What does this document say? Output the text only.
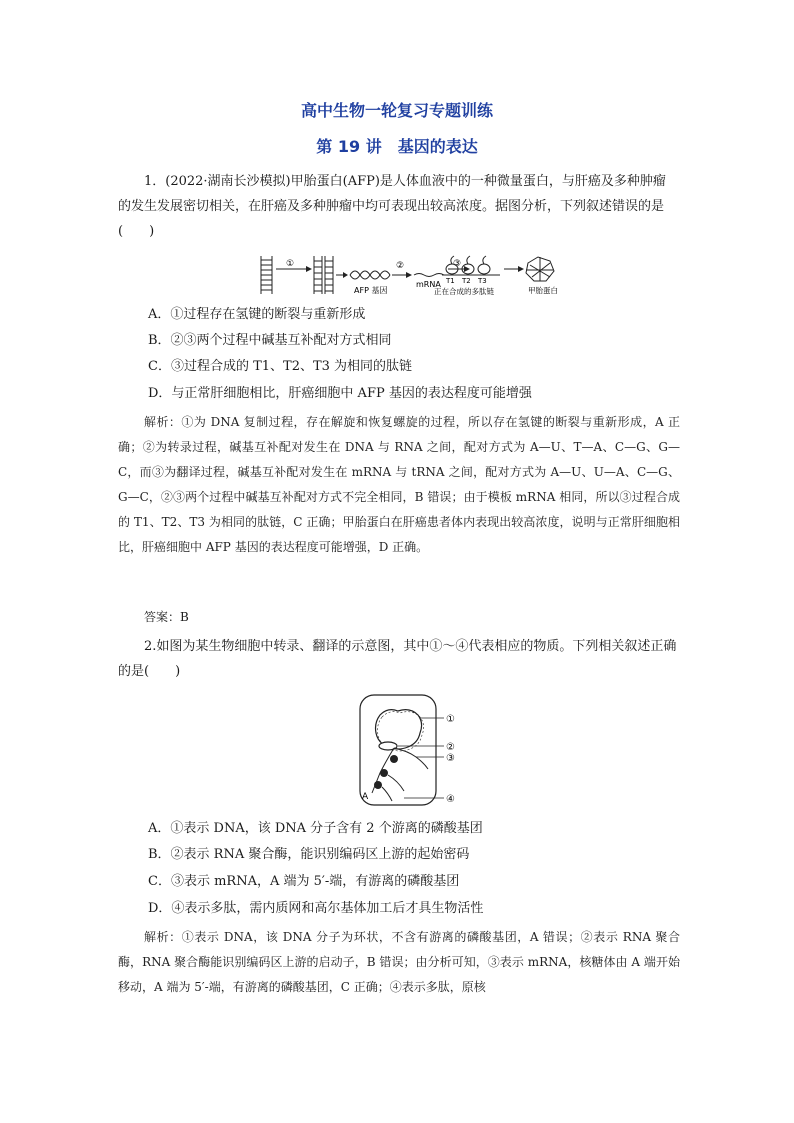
高中生物一轮复习专题训练
第 19 讲　基因的表达

1．(2022·湖南长沙模拟)甲胎蛋白(AFP)是人体血液中的一种微量蛋白，与肝癌及多种肿瘤的发生发展密切相关，在肝癌及多种肿瘤中均可表现出较高浓度。据图分析，下列叙述错误的是(　　)

①
AFP 基因
②
mRNA
③
T1 T2 T3
正在合成的多肽链	甲胎蛋白
A．①过程存在氢键的断裂与重新形成
B．②③两个过程中碱基互补配对方式相同
C．③过程合成的 T1、T2、T3 为相同的肽链
D．与正常肝细胞相比，肝癌细胞中 AFP 基因的表达程度可能增强

解析：①为 DNA 复制过程，存在解旋和恢复螺旋的过程，所以存在氢键的断裂与重新形成，A 正确；②为转录过程，碱基互补配对发生在 DNA 与 RNA 之间，配对方式为 A—U、T—A、C—G、G—C，而③为翻译过程，碱基互补配对发生在 mRNA 与 tRNA 之间，配对方式为 A—U、U—A、C—G、G—C，②③两个过程中碱基互补配对方式不完全相同，B 错误；由于模板 mRNA 相同，所以③过程合成的 T1、T2、T3 为相同的肽链，C 正确；甲胎蛋白在肝癌患者体内表现出较高浓度，说明与正常肝细胞相比，肝癌细胞中 AFP 基因的表达程度可能增强，D 正确。

答案：B

2.如图为某生物细胞中转录、翻译的示意图，其中①～④代表相应的物质。下列相关叙述正确的是(　　)

①
②
③
④
A
A．①表示 DNA，该 DNA 分子含有 2 个游离的磷酸基团
B．②表示 RNA 聚合酶，能识别编码区上游的起始密码
C．③表示 mRNA，A 端为 5′-端，有游离的磷酸基团
D．④表示多肽，需内质网和高尔基体加工后才具生物活性

解析：①表示 DNA，该 DNA 分子为环状，不含有游离的磷酸基团，A 错误；②表示 RNA 聚合酶，RNA 聚合酶能识别编码区上游的启动子，B 错误；由分析可知，③表示 mRNA，核糖体由 A 端开始移动，A 端为 5′-端，有游离的磷酸基团，C 正确；④表示多肽，原核
